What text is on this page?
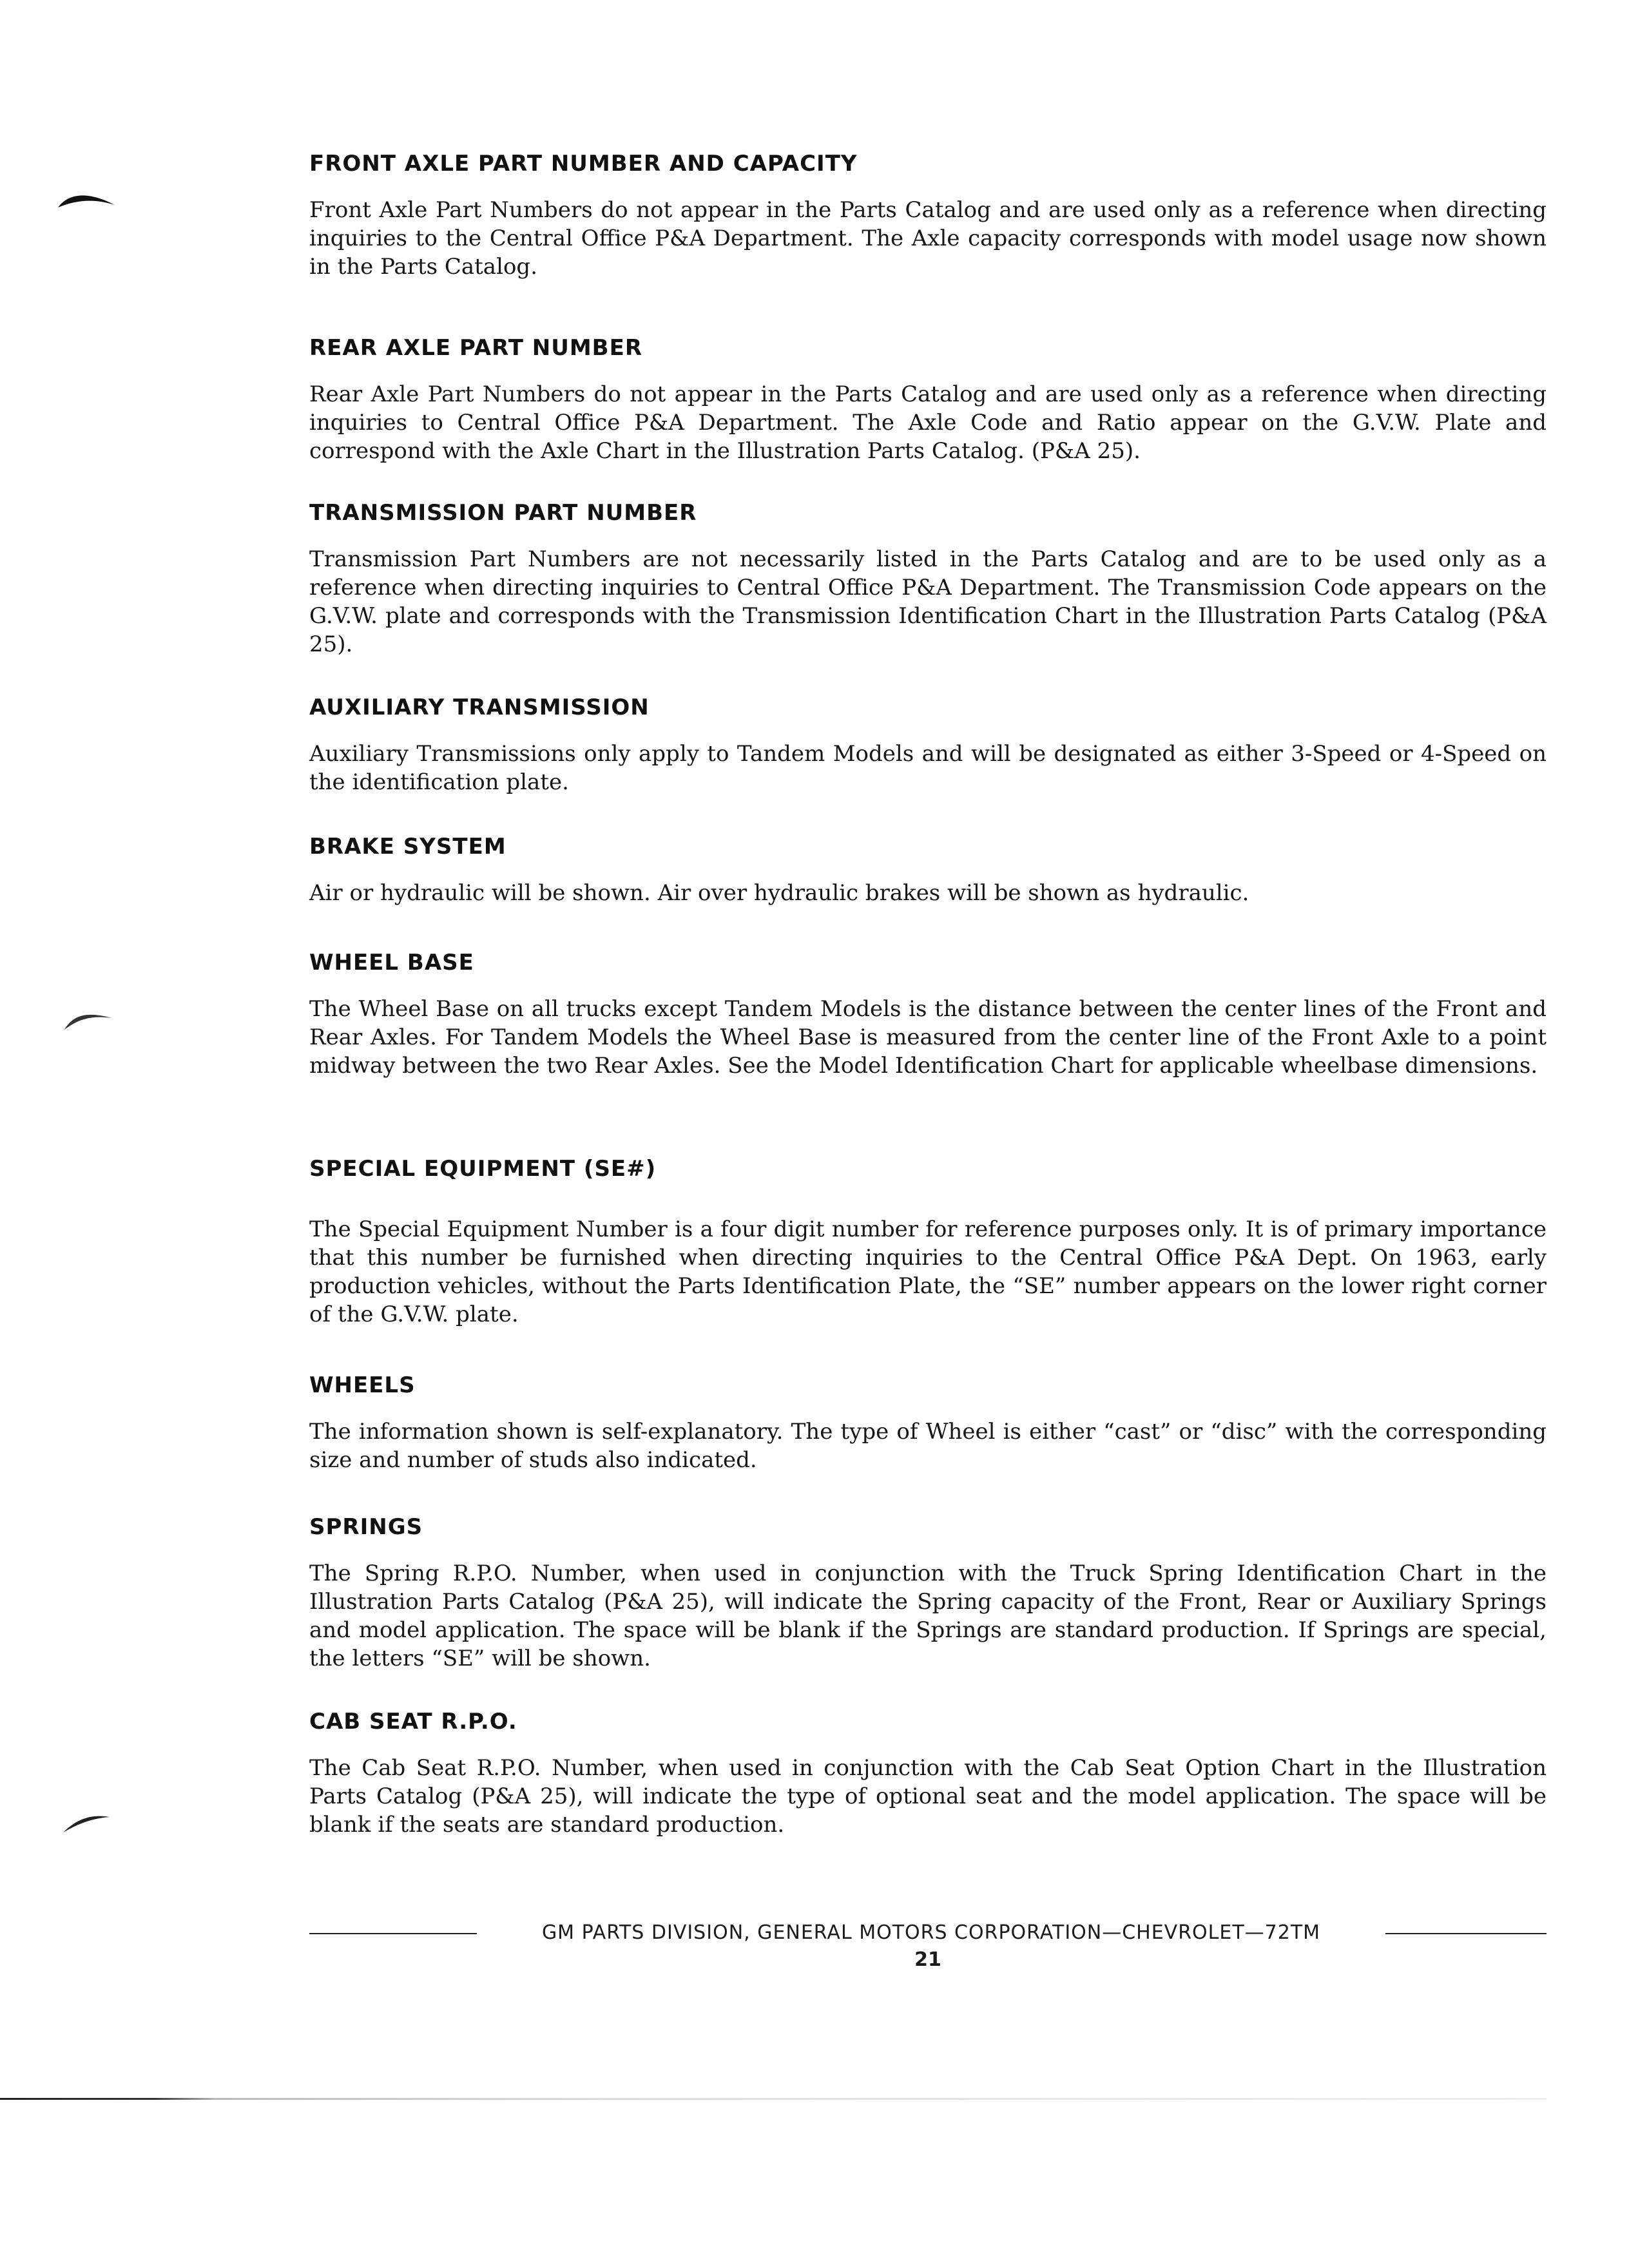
FRONT AXLE PART NUMBER AND CAPACITY

Front Axle Part Numbers do not appear in the Parts Catalog and are used only as a reference when directing inquiries to the Central Office P&A Department. The Axle capacity corresponds with model usage now shown in the Parts Catalog.

REAR AXLE PART NUMBER

Rear Axle Part Numbers do not appear in the Parts Catalog and are used only as a reference when directing inquiries to Central Office P&A Department. The Axle Code and Ratio appear on the G.V.W. Plate and correspond with the Axle Chart in the Illustration Parts Catalog. (P&A 25).

TRANSMISSION PART NUMBER

Transmission Part Numbers are not necessarily listed in the Parts Catalog and are to be used only as a reference when directing inquiries to Central Office P&A Department. The Transmission Code appears on the G.V.W. plate and corresponds with the Transmission Identification Chart in the Illustration Parts Catalog (P&A 25).

AUXILIARY TRANSMISSION

Auxiliary Transmissions only apply to Tandem Models and will be designated as either 3-Speed or 4-Speed on the identification plate.

BRAKE SYSTEM

Air or hydraulic will be shown. Air over hydraulic brakes will be shown as hydraulic.

WHEEL BASE

The Wheel Base on all trucks except Tandem Models is the distance between the center lines of the Front and Rear Axles. For Tandem Models the Wheel Base is measured from the center line of the Front Axle to a point midway between the two Rear Axles. See the Model Identification Chart for applicable wheelbase dimensions.

SPECIAL EQUIPMENT (SE#)

The Special Equipment Number is a four digit number for reference purposes only. It is of primary importance that this number be furnished when directing inquiries to the Central Office P&A Dept. On 1963, early production vehicles, without the Parts Identification Plate, the “SE” number appears on the lower right corner of the G.V.W. plate.

WHEELS

The information shown is self-explanatory. The type of Wheel is either “cast” or “disc” with the corresponding size and number of studs also indicated.

SPRINGS

The Spring R.P.O. Number, when used in conjunction with the Truck Spring Identification Chart in the Illustration Parts Catalog (P&A 25), will indicate the Spring capacity of the Front, Rear or Auxiliary Springs and model application. The space will be blank if the Springs are standard production. If Springs are special, the letters “SE” will be shown.

CAB SEAT R.P.O.

The Cab Seat R.P.O. Number, when used in conjunction with the Cab Seat Option Chart in the Illustration Parts Catalog (P&A 25), will indicate the type of optional seat and the model application. The space will be blank if the seats are standard production.

GM PARTS DIVISION, GENERAL MOTORS CORPORATION—CHEVROLET—72TM
21
